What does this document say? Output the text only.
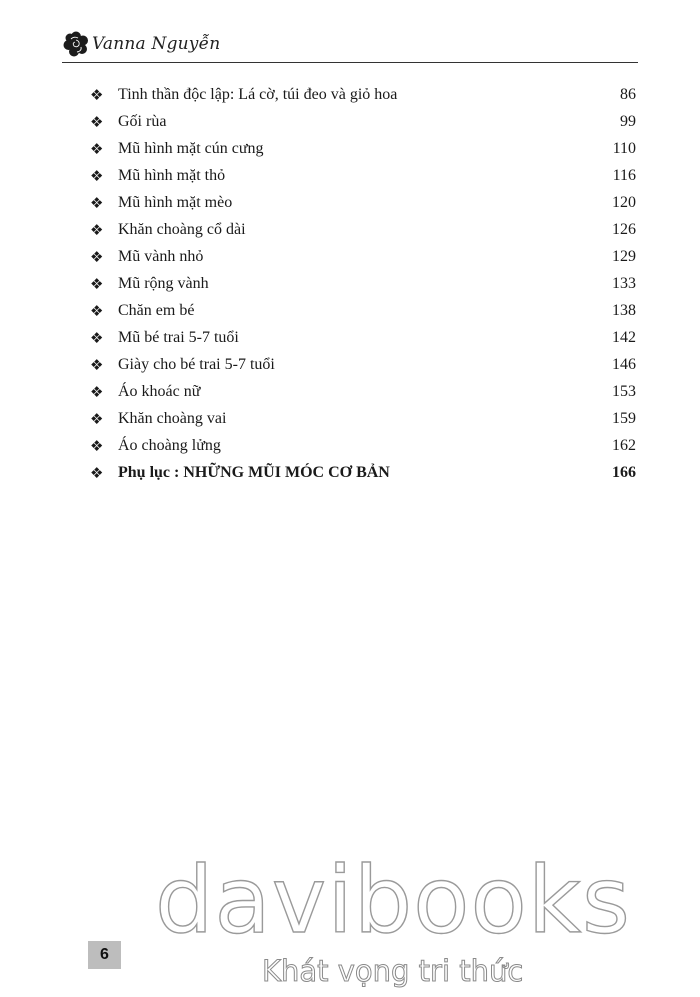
Vanna Nguyễn
❖ Tinh thần độc lập: Lá cờ, túi đeo và giỏ hoa	86
❖ Gối rùa	99
❖ Mũ hình mặt cún cưng	110
❖ Mũ hình mặt thỏ	116
❖ Mũ hình mặt mèo	120
❖ Khăn choàng cổ dài	126
❖ Mũ vành nhỏ	129
❖ Mũ rộng vành	133
❖ Chăn em bé	138
❖ Mũ bé trai 5-7 tuổi	142
❖ Giày cho bé trai 5-7 tuổi	146
❖ Áo khoác nữ	153
❖ Khăn choàng vai	159
❖ Áo choàng lửng	162
❖ Phụ lục : NHỮNG MŨI MÓC CƠ BẢN	166
davibooks
Khát vọng tri thức
6
